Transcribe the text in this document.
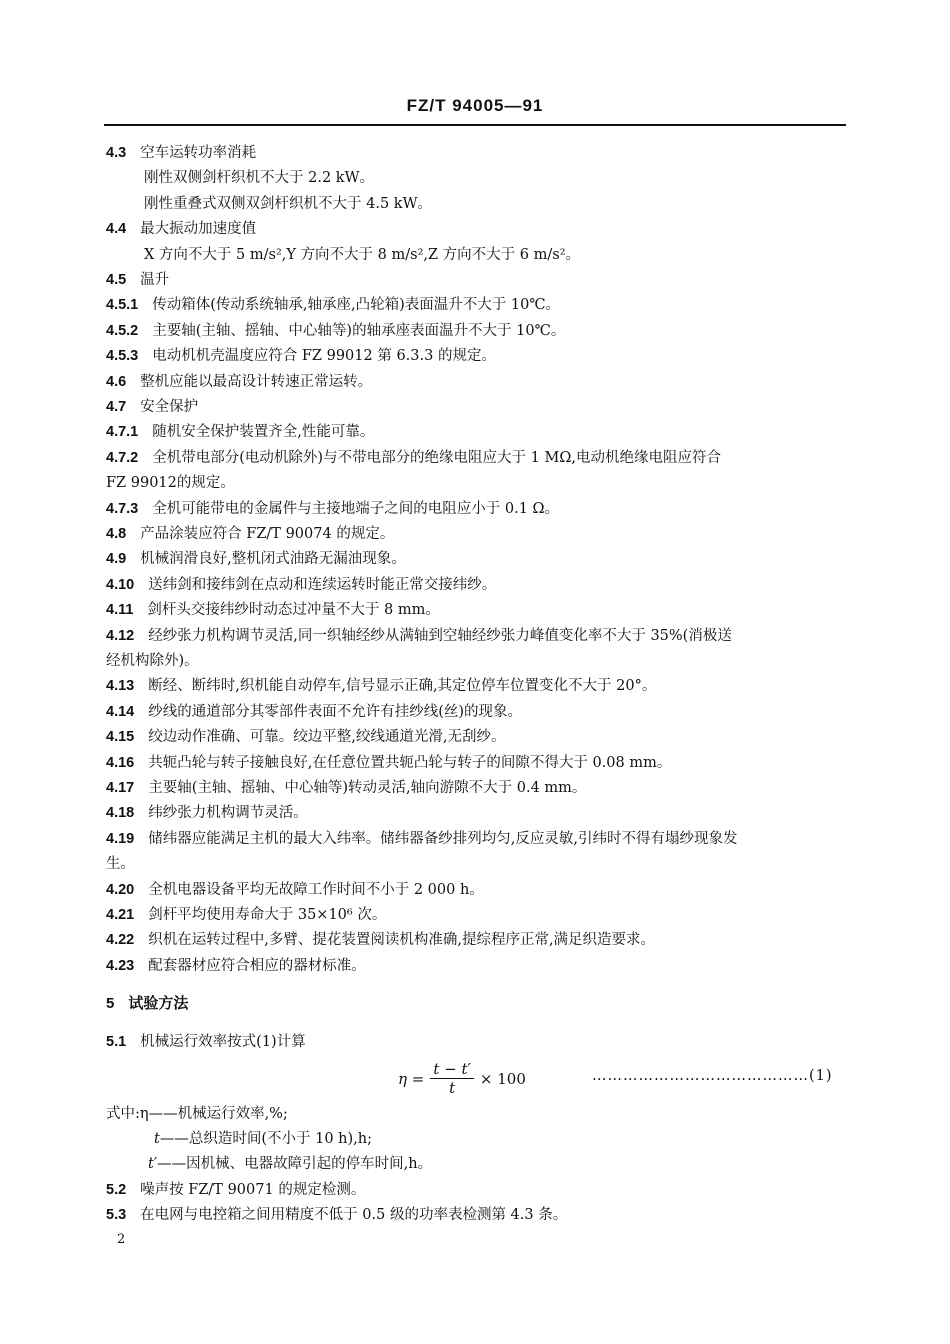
FZ/T 94005—91
4.3 空车运转功率消耗
刚性双侧剑杆织机不大于 2.2 kW。
刚性重叠式双侧双剑杆织机不大于 4.5 kW。
4.4 最大振动加速度值
X 方向不大于 5 m/s²,Y 方向不大于 8 m/s²,Z 方向不大于 6 m/s²。
4.5 温升
4.5.1 传动箱体(传动系统轴承,轴承座,凸轮箱)表面温升不大于 10℃。
4.5.2 主要轴(主轴、摇轴、中心轴等)的轴承座表面温升不大于 10℃。
4.5.3 电动机机壳温度应符合 FZ 99012 第 6.3.3 的规定。
4.6 整机应能以最高设计转速正常运转。
4.7 安全保护
4.7.1 随机安全保护装置齐全,性能可靠。
4.7.2 全机带电部分(电动机除外)与不带电部分的绝缘电阻应大于 1 MΩ,电动机绝缘电阻应符合
FZ 99012的规定。
4.7.3 全机可能带电的金属件与主接地端子之间的电阻应小于 0.1 Ω。
4.8 产品涂装应符合 FZ/T 90074 的规定。
4.9 机械润滑良好,整机闭式油路无漏油现象。
4.10 送纬剑和接纬剑在点动和连续运转时能正常交接纬纱。
4.11 剑杆头交接纬纱时动态过冲量不大于 8 mm。
4.12 经纱张力机构调节灵活,同一织轴经纱从满轴到空轴经纱张力峰值变化率不大于 35%(消极送
经机构除外)。
4.13 断经、断纬时,织机能自动停车,信号显示正确,其定位停车位置变化不大于 20°。
4.14 纱线的通道部分其零部件表面不允许有挂纱线(丝)的现象。
4.15 绞边动作准确、可靠。绞边平整,绞线通道光滑,无刮纱。
4.16 共轭凸轮与转子接触良好,在任意位置共轭凸轮与转子的间隙不得大于 0.08 mm。
4.17 主要轴(主轴、摇轴、中心轴等)转动灵活,轴向游隙不大于 0.4 mm。
4.18 纬纱张力机构调节灵活。
4.19 储纬器应能满足主机的最大入纬率。储纬器备纱排列均匀,反应灵敏,引纬时不得有塌纱现象发
生。
4.20 全机电器设备平均无故障工作时间不小于 2 000 h。
4.21 剑杆平均使用寿命大于 35×10⁶ 次。
4.22 织机在运转过程中,多臂、提花装置阅读机构准确,提综程序正常,满足织造要求。
4.23 配套器材应符合相应的器材标准。
5 试验方法
5.1 机械运行效率按式(1)计算
$\eta = \frac{t - t'}{t} \times 100$	……………………………………(1)
式中:η——机械运行效率,%;
t——总织造时间(不小于 10 h),h;
t′——因机械、电器故障引起的停车时间,h。
5.2 噪声按 FZ/T 90071 的规定检测。
5.3 在电网与电控箱之间用精度不低于 0.5 级的功率表检测第 4.3 条。
2
